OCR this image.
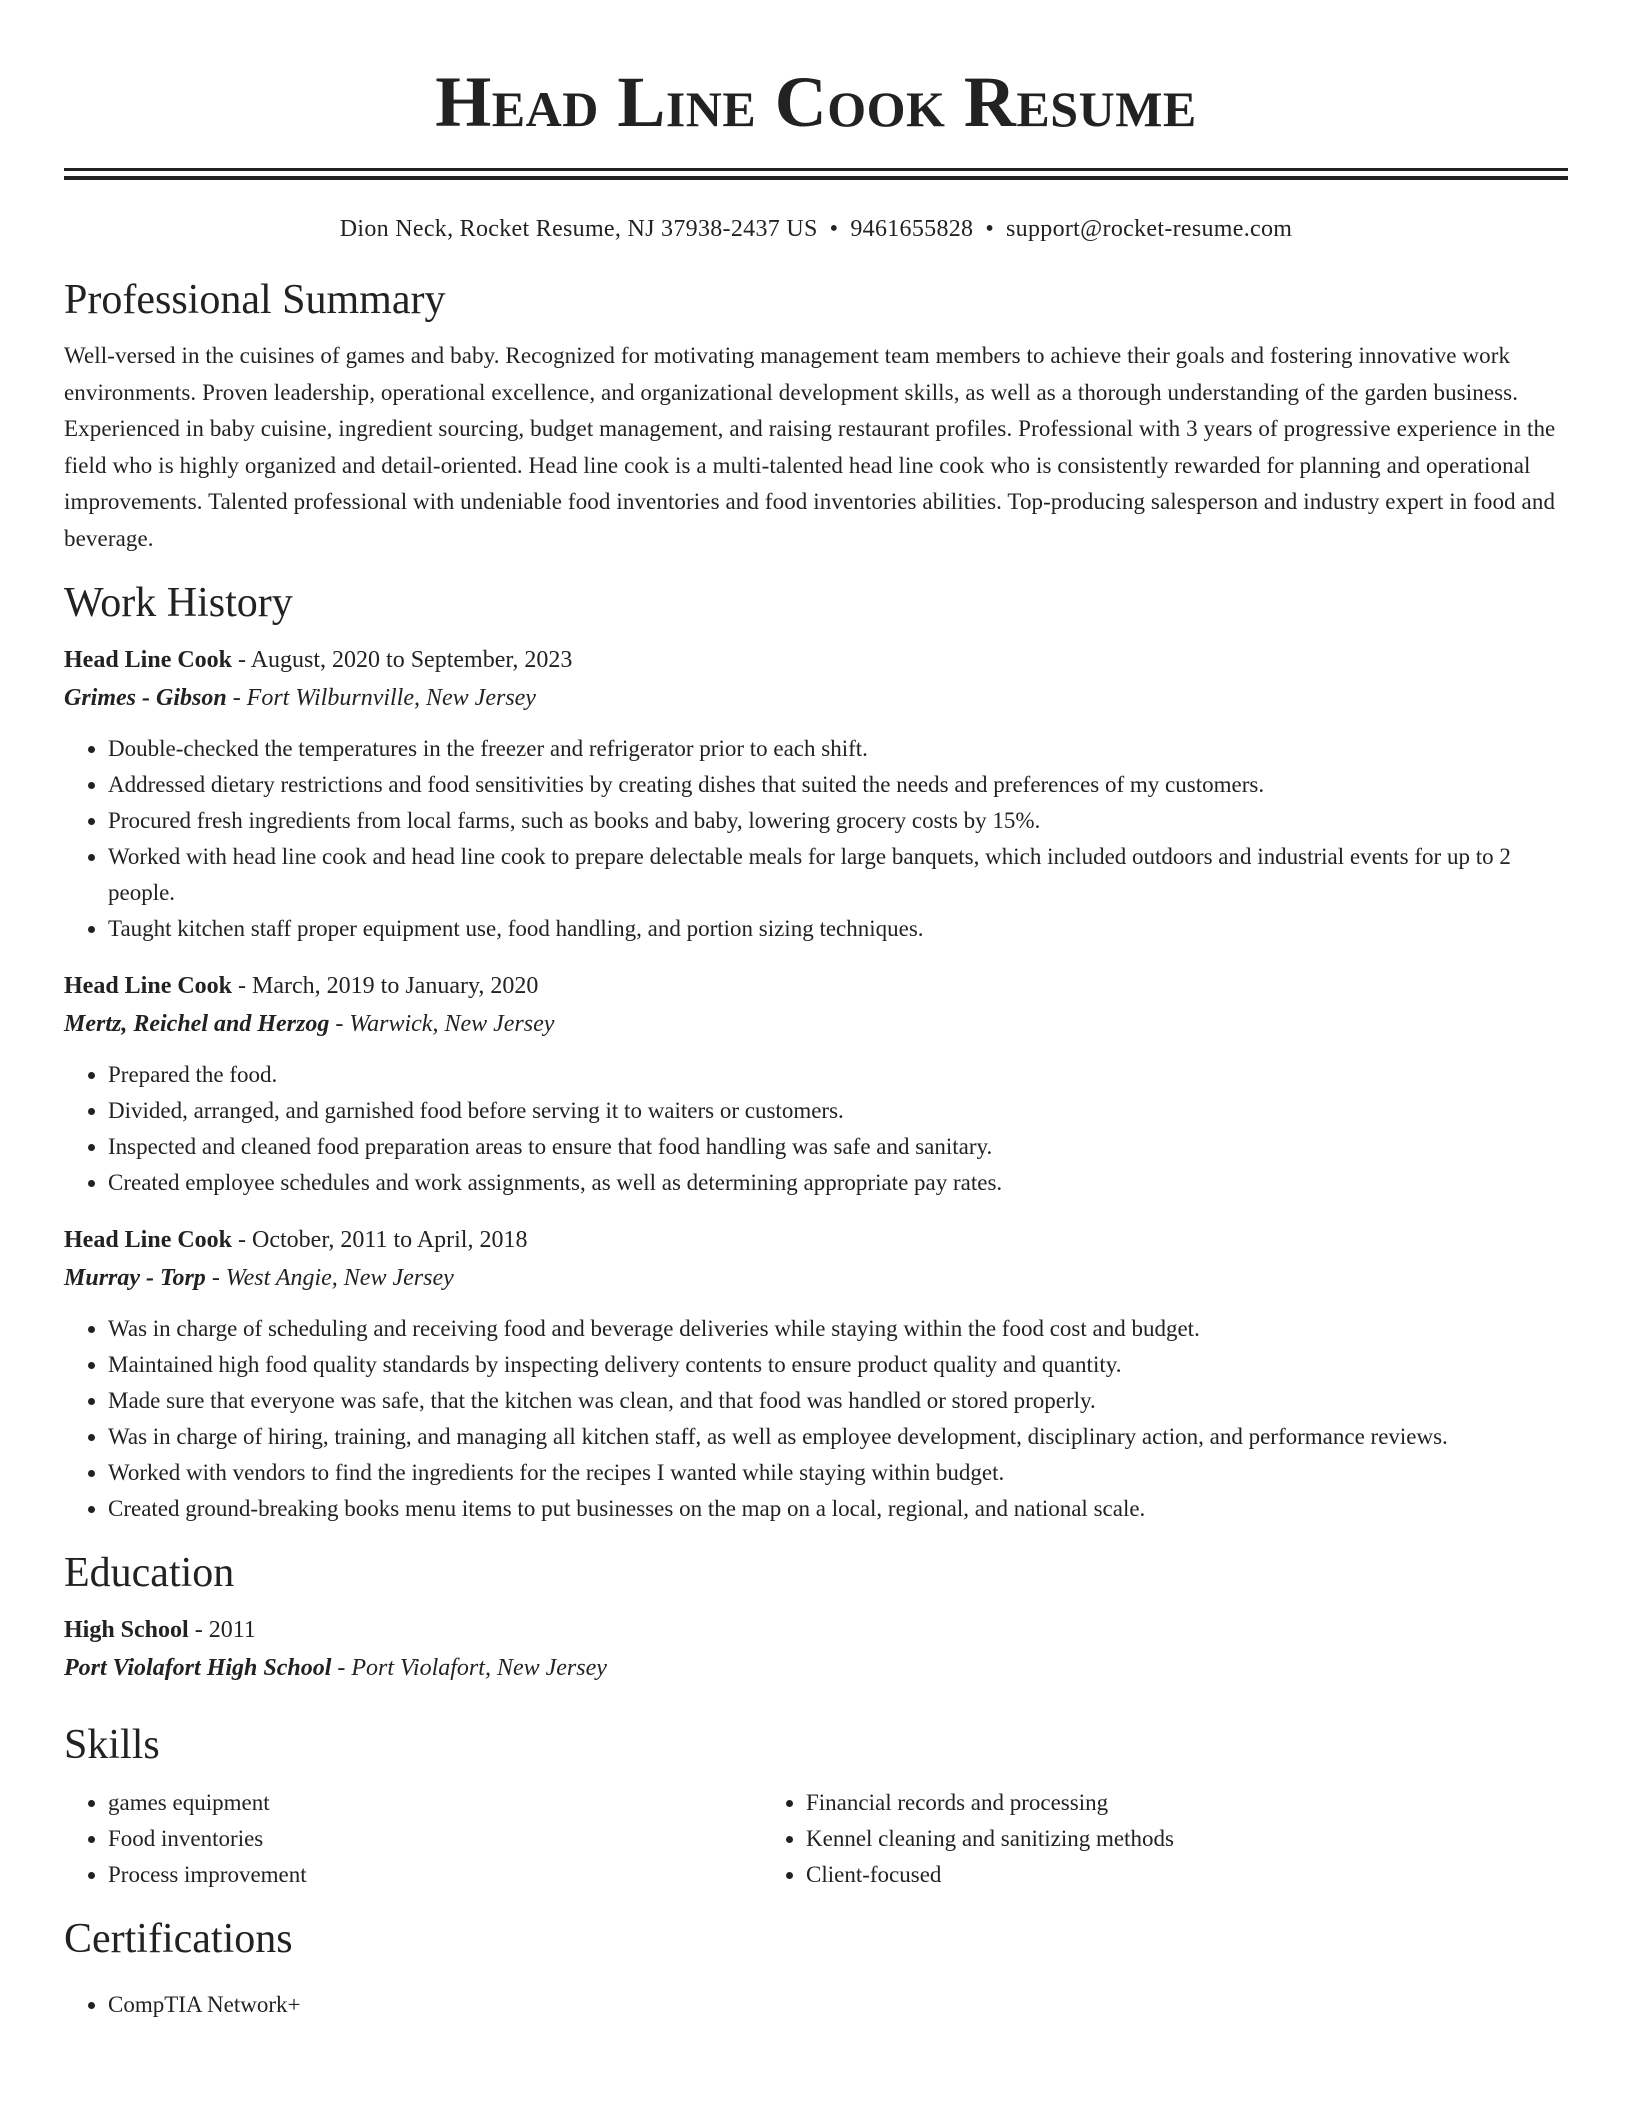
Head Line Cook Resume
Dion Neck, Rocket Resume, NJ 37938-2437 US • 9461655828 • support@rocket-resume.com
Professional Summary
Well-versed in the cuisines of games and baby. Recognized for motivating management team members to achieve their goals and fostering innovative work environments. Proven leadership, operational excellence, and organizational development skills, as well as a thorough understanding of the garden business. Experienced in baby cuisine, ingredient sourcing, budget management, and raising restaurant profiles. Professional with 3 years of progressive experience in the field who is highly organized and detail-oriented. Head line cook is a multi-talented head line cook who is consistently rewarded for planning and operational improvements. Talented professional with undeniable food inventories and food inventories abilities. Top-producing salesperson and industry expert in food and beverage.
Work History
Head Line Cook - August, 2020 to September, 2023
Grimes - Gibson - Fort Wilburnville, New Jersey
• Double-checked the temperatures in the freezer and refrigerator prior to each shift.
• Addressed dietary restrictions and food sensitivities by creating dishes that suited the needs and preferences of my customers.
• Procured fresh ingredients from local farms, such as books and baby, lowering grocery costs by 15%.
• Worked with head line cook and head line cook to prepare delectable meals for large banquets, which included outdoors and industrial events for up to 2 people.
• Taught kitchen staff proper equipment use, food handling, and portion sizing techniques.
Head Line Cook - March, 2019 to January, 2020
Mertz, Reichel and Herzog - Warwick, New Jersey
• Prepared the food.
• Divided, arranged, and garnished food before serving it to waiters or customers.
• Inspected and cleaned food preparation areas to ensure that food handling was safe and sanitary.
• Created employee schedules and work assignments, as well as determining appropriate pay rates.
Head Line Cook - October, 2011 to April, 2018
Murray - Torp - West Angie, New Jersey
• Was in charge of scheduling and receiving food and beverage deliveries while staying within the food cost and budget.
• Maintained high food quality standards by inspecting delivery contents to ensure product quality and quantity.
• Made sure that everyone was safe, that the kitchen was clean, and that food was handled or stored properly.
• Was in charge of hiring, training, and managing all kitchen staff, as well as employee development, disciplinary action, and performance reviews.
• Worked with vendors to find the ingredients for the recipes I wanted while staying within budget.
• Created ground-breaking books menu items to put businesses on the map on a local, regional, and national scale.
Education
High School - 2011
Port Violafort High School - Port Violafort, New Jersey
Skills
• games equipment
• Food inventories
• Process improvement
• Financial records and processing
• Kennel cleaning and sanitizing methods
• Client-focused
Certifications
• CompTIA Network+
